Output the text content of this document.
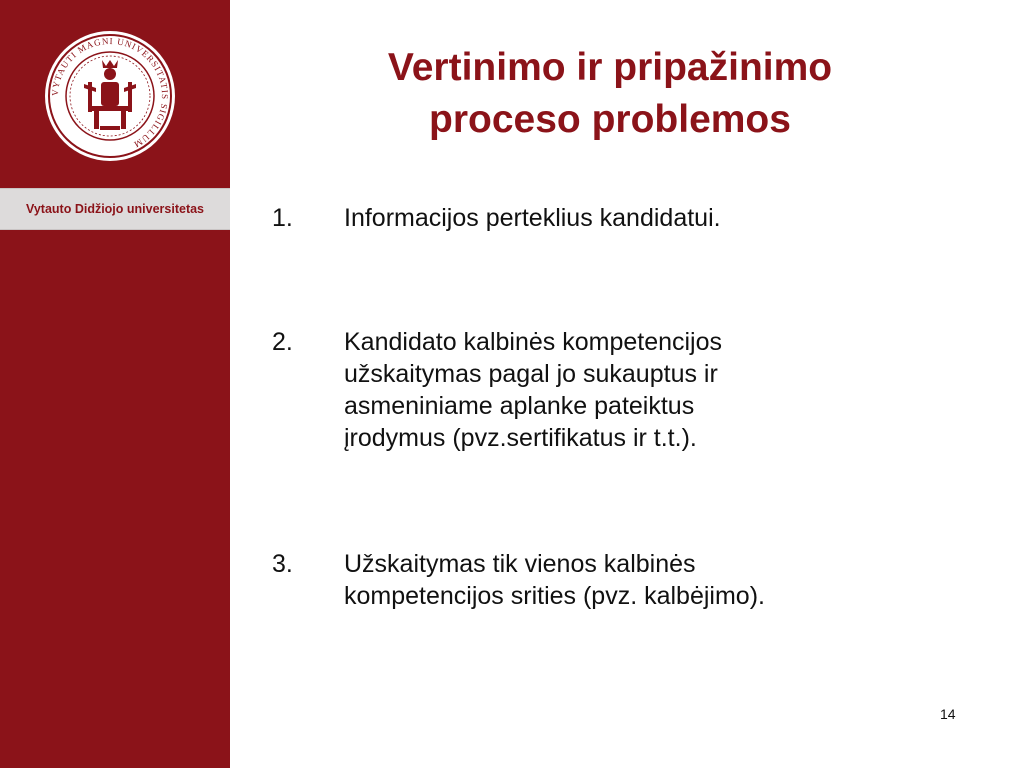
VYTAUTI MAGNI UNIVERSITATIS SIGILLUM
Vytauto Didžiojo universitetas
Vertinimo ir pripažinimo
proceso problemos
1.	Informacijos perteklius kandidatui.
2.	Kandidato kalbinės kompetencijos
užskaitymas pagal jo sukauptus ir
asmeniniame aplanke pateiktus
įrodymus (pvz.sertifikatus ir t.t.).
3.	Užskaitymas tik vienos kalbinės
kompetencijos srities (pvz. kalbėjimo).
14
